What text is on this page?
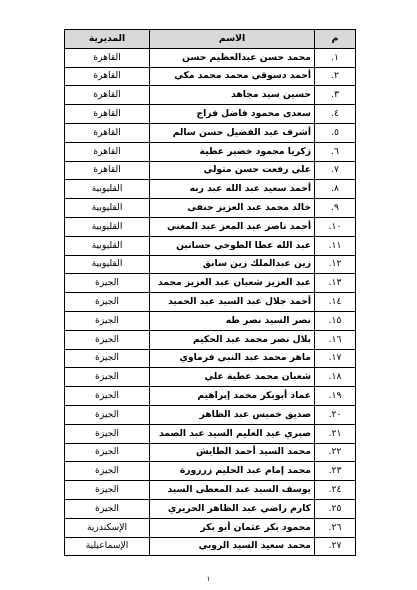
م	الاسم	المديرية
١.	محمد حسن عبدالعظيم حسن	القاهرة
٢.	أحمد دسوقي محمد محمد مكي	القاهرة
٣.	حسين سيد مجاهد	القاهرة
٤.	سعدى محمود فاضل فراج	القاهرة
٥.	أشرف عبد الفضيل حسن سالم	القاهرة
٦.	زكريا محمود خضير عطية	القاهرة
٧.	علي رفعت حسن متولي	القاهرة
٨.	أحمد سعيد عبد الله عبد ربه	القليوبية
٩.	خالد محمد عبد العزيز حنفى	القليوبية
١٠.	أحمد ناصر عبد المعز عبد المغني	القليوبية
١١.	عبد الله عطا الطوخي حسانين	القليوبية
١٢.	زين عبدالملك زين سابق	القليوبية
١٣.	عبد العزيز شعبان عبد العزيز محمد	الجيزة
١٤.	أحمد جلال عبد السيد عبد الحميد	الجيزة
١٥.	نصر السيد نصر طه	الجيزة
١٦.	بلال نصر محمد عبد الحكيم	الجيزة
١٧.	ماهر محمد عبد النبي فرماوي	الجيزة
١٨.	شعبان محمد عطية علي	الجيزة
١٩.	عماد أبوبكر محمد إبراهيم	الجيزة
٢٠.	صديق خميس عبد الظاهر	الجيزة
٢١.	صبري عبد العليم السيد عبد الصمد	الجيزة
٢٢.	محمد السيد أحمد الطايش	الجيزة
٢٣.	محمد إمام عبد الحليم زرزورة	الجيزة
٢٤.	يوسف السيد عبد المعطى السيد	الجيزة
٢٥.	كارم راضي عبد الظاهر الحريري	الجيزة
٢٦.	محمود بكر عثمان أبو بكر	الإسكندرية
٢٧.	محمد سعيد السيد الروبي	الإسماعيلية
١
